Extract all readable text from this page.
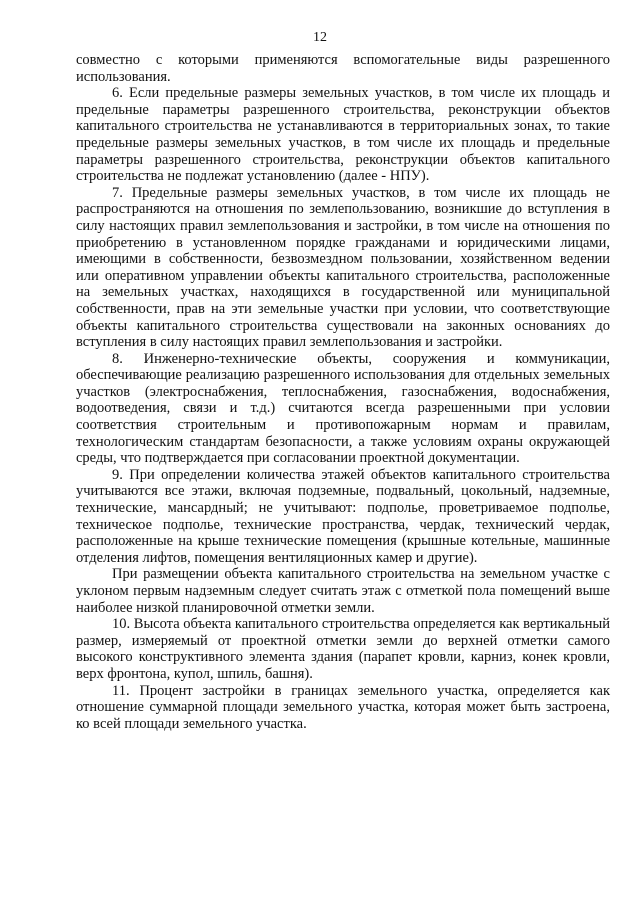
12

совместно с которыми применяются вспомогательные виды разрешенного использования.

6. Если предельные размеры земельных участков, в том числе их площадь и предельные параметры разрешенного строительства, реконструкции объектов капитального строительства не устанавливаются в территориальных зонах, то такие предельные размеры земельных участков, в том числе их площадь и предельные параметры разрешенного строительства, реконструкции объектов капитального строительства не подлежат установлению (далее - НПУ).

7. Предельные размеры земельных участков, в том числе их площадь не распространяются на отношения по землепользованию, возникшие до вступления в силу настоящих правил землепользования и застройки, в том числе на отношения по приобретению в установленном порядке гражданами и юридическими лицами, имеющими в собственности, безвозмездном пользовании, хозяйственном ведении или оперативном управлении объекты капитального строительства, расположенные на земельных участках, находящихся в государственной или муниципальной собственности, прав на эти земельные участки при условии, что соответствующие объекты капитального строительства существовали на законных основаниях до вступления в силу настоящих правил землепользования и застройки.

8. Инженерно-технические объекты, сооружения и коммуникации, обеспечивающие реализацию разрешенного использования для отдельных земельных участков (электроснабжения, теплоснабжения, газоснабжения, водоснабжения, водоотведения, связи и т.д.) считаются всегда разрешенными при условии соответствия строительным и противопожарным нормам и правилам, технологическим стандартам безопасности, а также условиям охраны окружающей среды, что подтверждается при согласовании проектной документации.

9. При определении количества этажей объектов капитального строительства учитываются все этажи, включая подземные, подвальный, цокольный, надземные, технические, мансардный; не учитывают: подполье, проветриваемое подполье, техническое подполье, технические пространства, чердак, технический чердак, расположенные на крыше технические помещения (крышные котельные, машинные отделения лифтов, помещения вентиляционных камер и другие).

При размещении объекта капитального строительства на земельном участке с уклоном первым надземным следует считать этаж с отметкой пола помещений выше наиболее низкой планировочной отметки земли.

10. Высота объекта капитального строительства определяется как вертикальный размер, измеряемый от проектной отметки земли до верхней отметки самого высокого конструктивного элемента здания (парапет кровли, карниз, конек кровли, верх фронтона, купол, шпиль, башня).

11. Процент застройки в границах земельного участка, определяется как отношение суммарной площади земельного участка, которая может быть застроена, ко всей площади земельного участка.
